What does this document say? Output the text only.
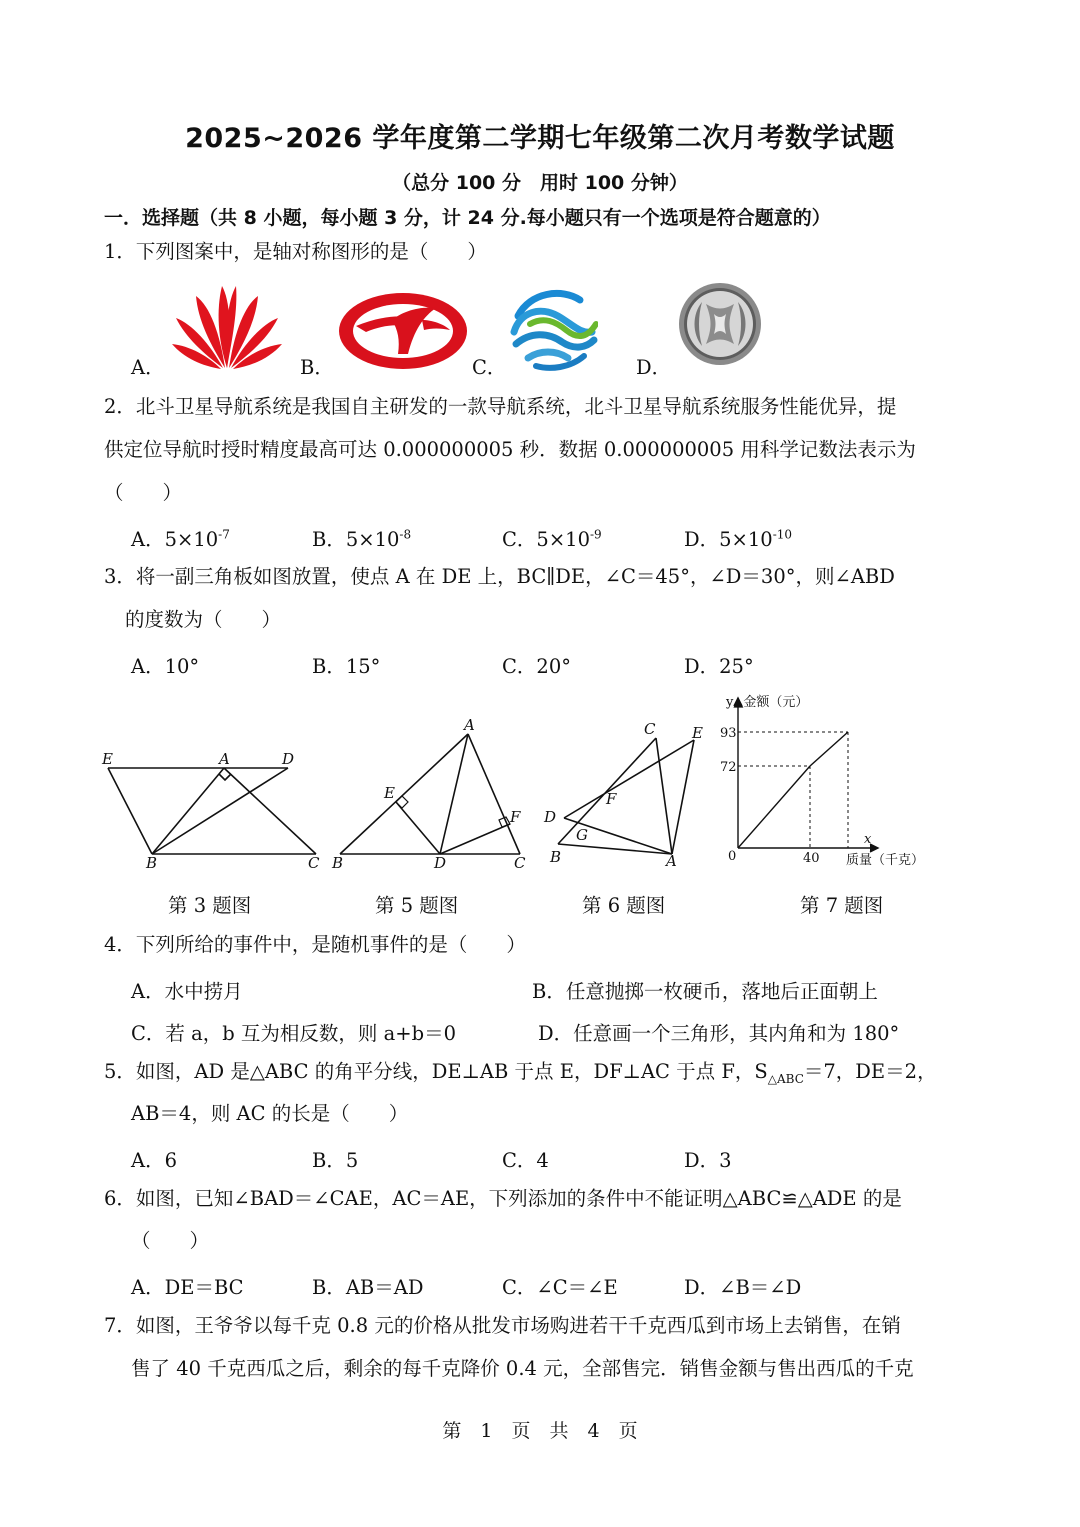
2025~2026 学年度第二学期七年级第二次月考数学试题
（总分 100 分　用时 100 分钟）
一．选择题（共 8 小题，每小题 3 分，计 24 分.每小题只有一个选项是符合题意的）
1．下列图案中，是轴对称图形的是（　　）
A．	B．	C．	D．
2．北斗卫星导航系统是我国自主研发的一款导航系统，北斗卫星导航系统服务性能优异，提
供定位导航时授时精度最高可达 0.000000005 秒．数据 0.000000005 用科学记数法表示为
（　　）
A．$5\times 10^{-7}$	B．$5\times 10^{-8}$	C．$5\times 10^{-9}$	D．$5\times 10^{-10}$
3．将一副三角板如图放置，使点 A 在 DE 上，BC∥DE，∠C＝45°，∠D＝30°，则∠ABD
的度数为（　　）
A．10°	B．15°	C．20°	D．25°
E	A	D
B	C
第 3 题图
A
E
F
B	D	C
第 5 题图
C E
F
D
G
B	A
第 6 题图
y▲金额（元）
93
72
0	40
x
质量（千克）
第 7 题图
4．下列所给的事件中，是随机事件的是（　　）
A．水中捞月	B．任意抛掷一枚硬币，落地后正面朝上
C．若 a，b 互为相反数，则 a+b＝0	D．任意画一个三角形，其内角和为 180°
5．如图，AD 是△ABC 的角平分线，DE⊥AB 于点 E，DF⊥AC 于点 F，$S_{\triangle ABC}=7$，DE＝2，
AB＝4，则 AC 的长是（　　）
A．6	B．5	C．4	D．3
6．如图，已知∠BAD＝∠CAE，AC＝AE，下列添加的条件中不能证明△ABC≌△ADE 的是
（　　）
A．DE＝BC	B．AB＝AD	C．∠C＝∠E	D．∠B＝∠D
7．如图，王爷爷以每千克 0.8 元的价格从批发市场购进若干千克西瓜到市场上去销售，在销
售了 40 千克西瓜之后，剩余的每千克降价 0.4 元，全部售完．销售金额与售出西瓜的千克
第　1　页　共　4　页
